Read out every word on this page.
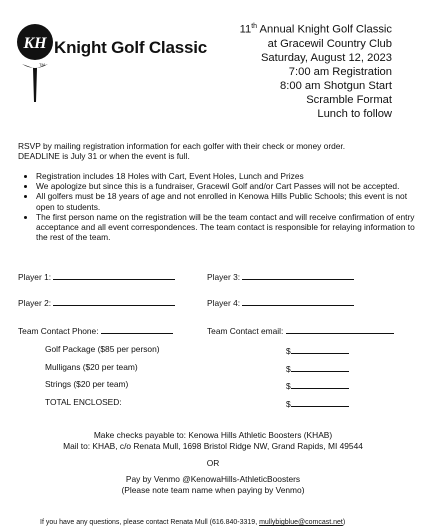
KH
TM
Knight Golf Classic
11th Annual Knight Golf Classic
at Gracewil Country Club
Saturday, August 12, 2023
7:00 am Registration
8:00 am Shotgun Start
Scramble Format
Lunch to follow
RSVP by mailing registration information for each golfer with their check or money order.
DEADLINE is July 31 or when the event is full.
• Registration includes 18 Holes with Cart, Event Holes, Lunch and Prizes
• We apologize but since this is a fundraiser, Gracewil Golf and/or Cart Passes will not be accepted.
• All golfers must be 18 years of age and not enrolled in Kenowa Hills Public Schools; this event is not open to students.
• The first person name on the registration will be the team contact and will receive confirmation of entry acceptance and all event correspondences. The team contact is responsible for relaying information to the rest of the team.
Player 1:	Player 3:
Player 2:	Player 4:
Team Contact Phone:	Team Contact email:
Golf Package ($85 per person)	$
Mulligans ($20 per team)	$
Strings ($20 per team)	$
TOTAL ENCLOSED:	$
Make checks payable to: Kenowa Hills Athletic Boosters (KHAB)
Mail to: KHAB, c/o Renata Mull, 1698 Bristol Ridge NW, Grand Rapids, MI 49544
OR
Pay by Venmo @KenowaHills-AthleticBoosters
(Please note team name when paying by Venmo)
If you have any questions, please contact Renata Mull (616.840-3319, mullybigblue@comcast.net)
